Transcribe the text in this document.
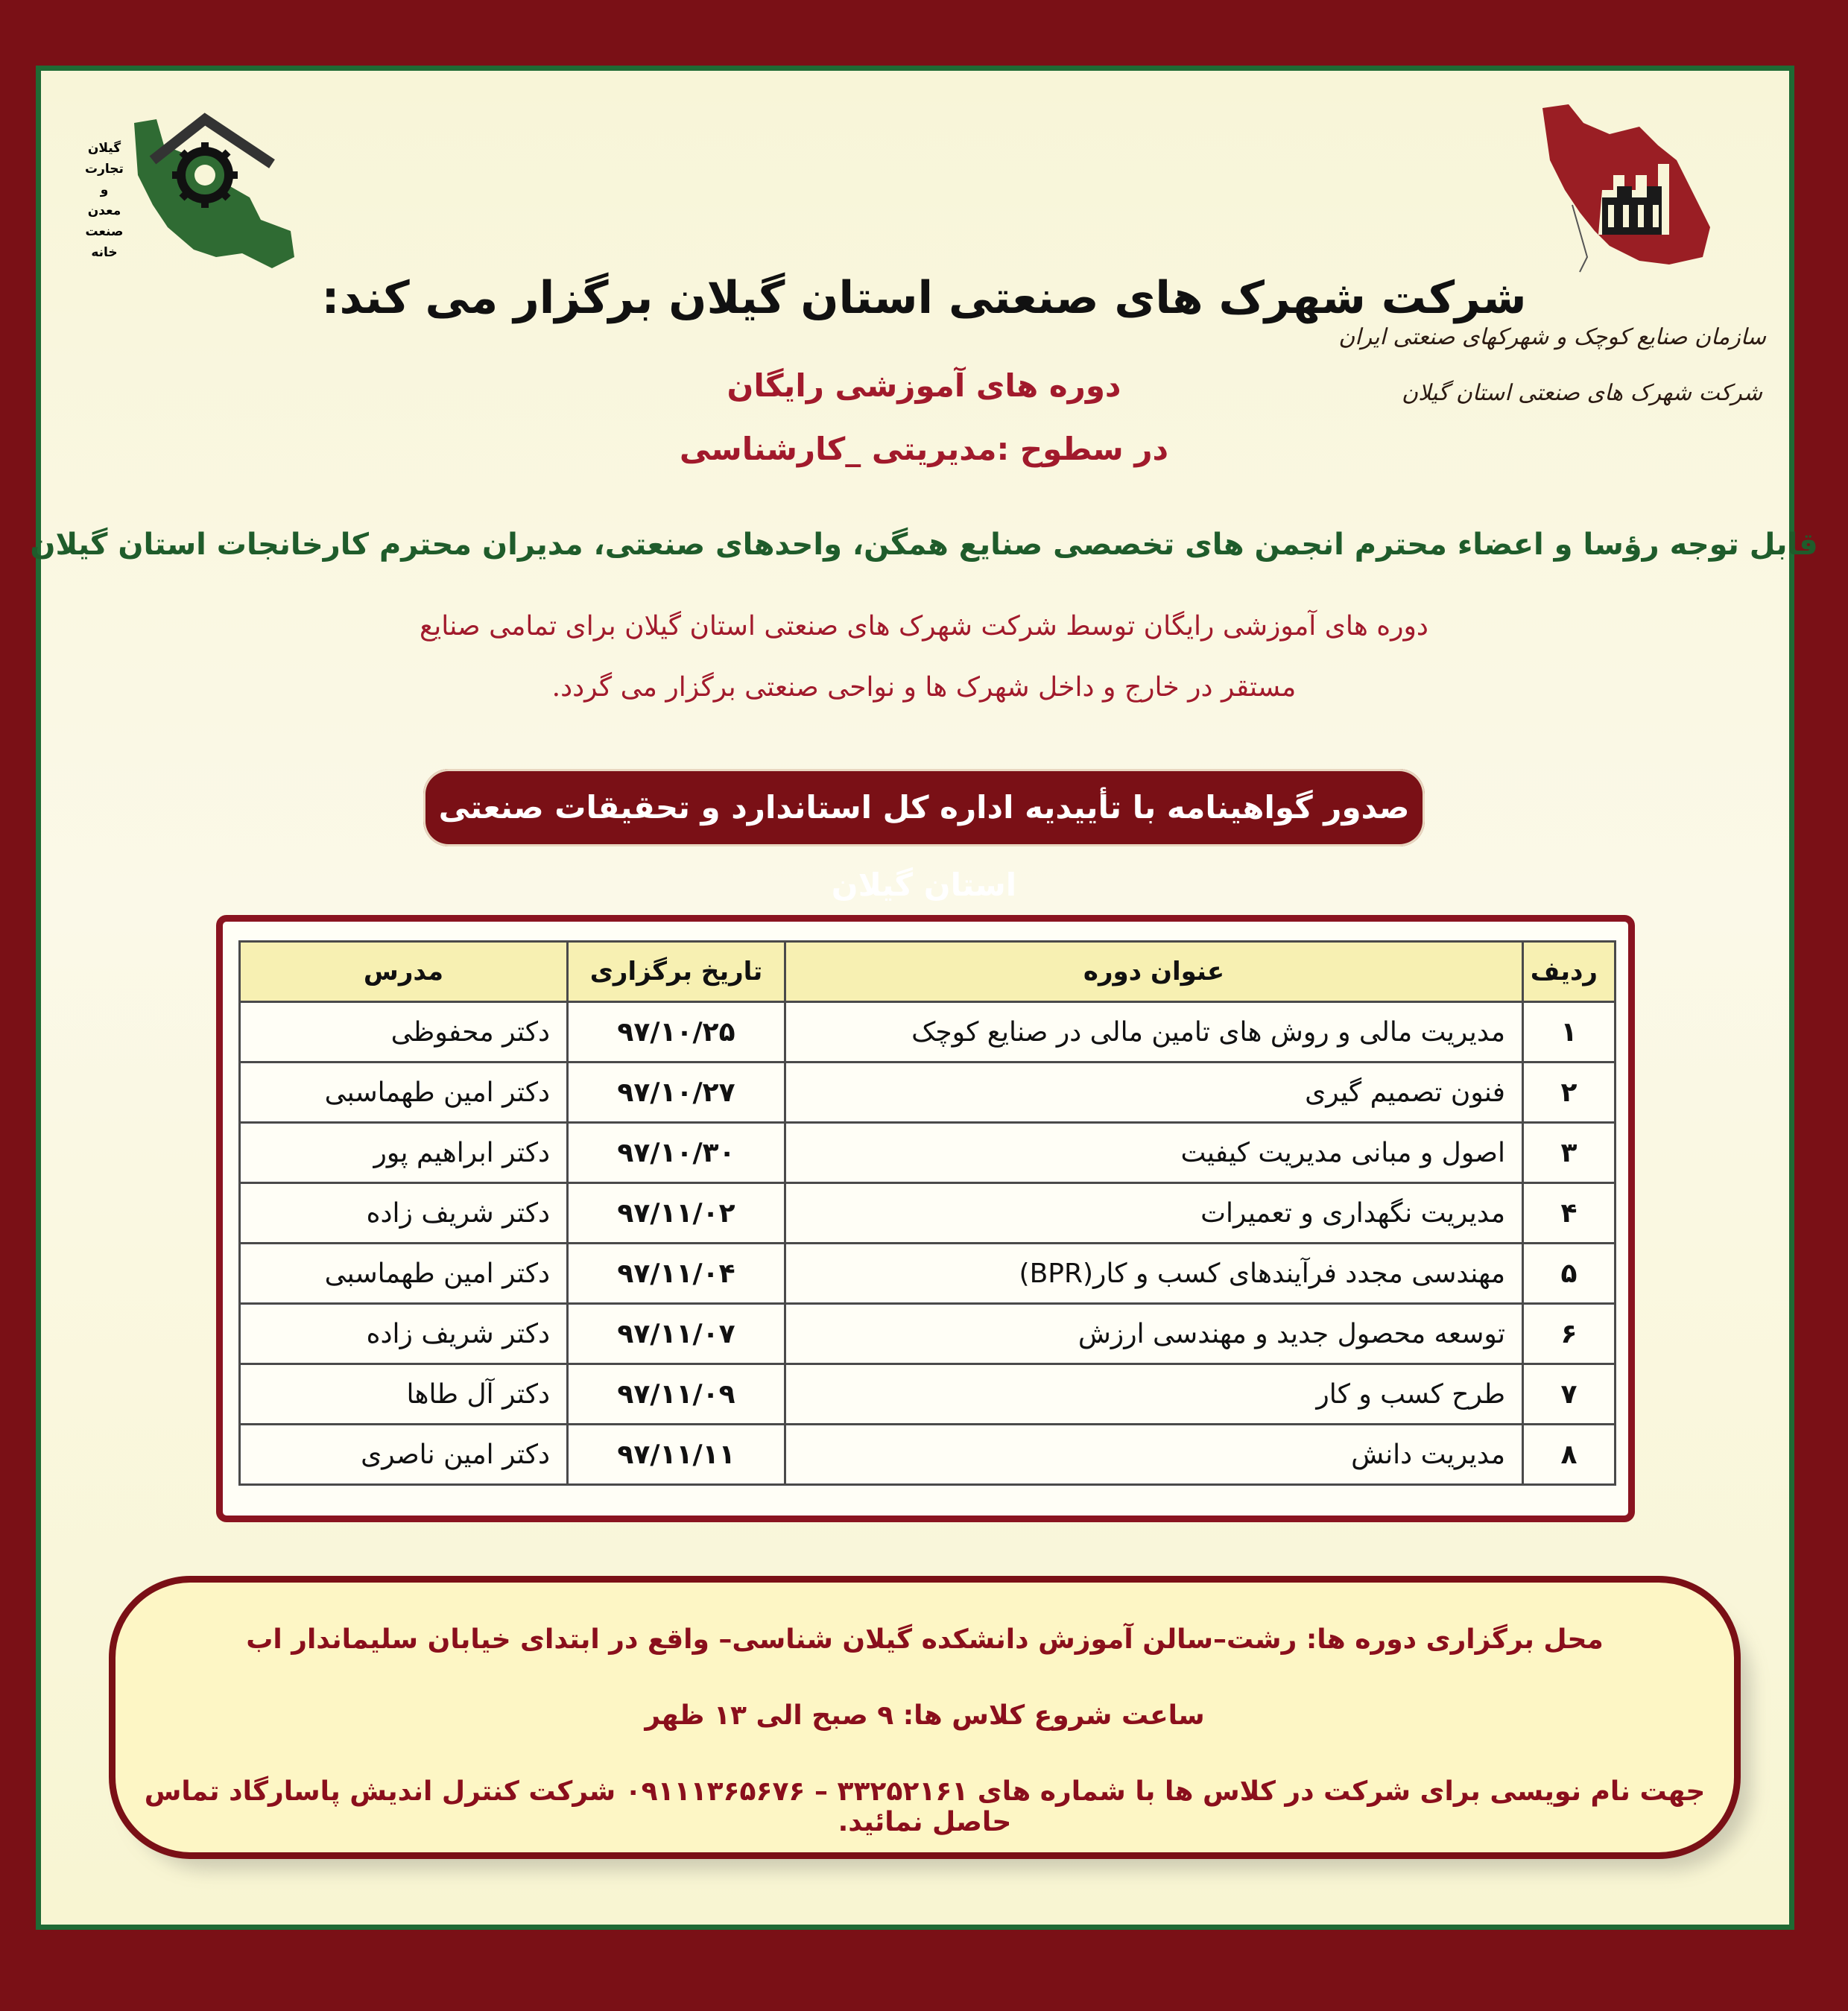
گیلان
تجارت
و
معدن
صنعت
خانه
سازمان صنایع کوچک و شهرکهای صنعتی ایران
شرکت شهرک های صنعتی استان گیلان
شرکت شهرک های صنعتی استان گیلان برگزار می کند:
دوره های آموزشی رایگان
در سطوح :مدیریتی _کارشناسی
قابل توجه رؤسا و اعضاء محترم انجمن های تخصصی صنایع همگن، واحدهای صنعتی، مدیران محترم کارخانجات استان گیلان
دوره های آموزشی رایگان توسط شرکت شهرک های صنعتی استان گیلان برای تمامی صنایع
مستقر در خارج و داخل شهرک ها و نواحی صنعتی برگزار می گردد.
صدور گواهینامه با تأییدیه اداره کل استاندارد و تحقیقات صنعتی استان گیلان
ردیف	عنوان دوره	تاریخ برگزاری	مدرس
۱	مدیریت مالی و روش های تامین مالی در صنایع کوچک	۹۷/۱۰/۲۵	دکتر محفوظی
۲	فنون تصمیم گیری	۹۷/۱۰/۲۷	دکتر امین طهماسبی
۳	اصول و مبانی مدیریت کیفیت	۹۷/۱۰/۳۰	دکتر ابراهیم پور
۴	مدیریت نگهداری و تعمیرات	۹۷/۱۱/۰۲	دکتر شریف زاده
۵	مهندسی مجدد فرآیندهای کسب و کار(BPR)	۹۷/۱۱/۰۴	دکتر امین طهماسبی
۶	توسعه محصول جدید و مهندسی ارزش	۹۷/۱۱/۰۷	دکتر شریف زاده
۷	طرح کسب و کار	۹۷/۱۱/۰۹	دکتر آل طاها
۸	مدیریت دانش	۹۷/۱۱/۱۱	دکتر امین ناصری
محل برگزاری دوره ها: رشت–سالن آموزش دانشکده گیلان شناسی– واقع در ابتدای خیابان سلیماندار اب
ساعت شروع کلاس ها: ۹ صبح الی ۱۳ ظهر
جهت نام نویسی برای شرکت در کلاس ها با شماره های ۳۳۲۵۲۱۶۱ – ۰۹۱۱۱۳۶۵۶۷۶ شرکت کنترل اندیش پاسارگاد تماس حاصل نمائید.
